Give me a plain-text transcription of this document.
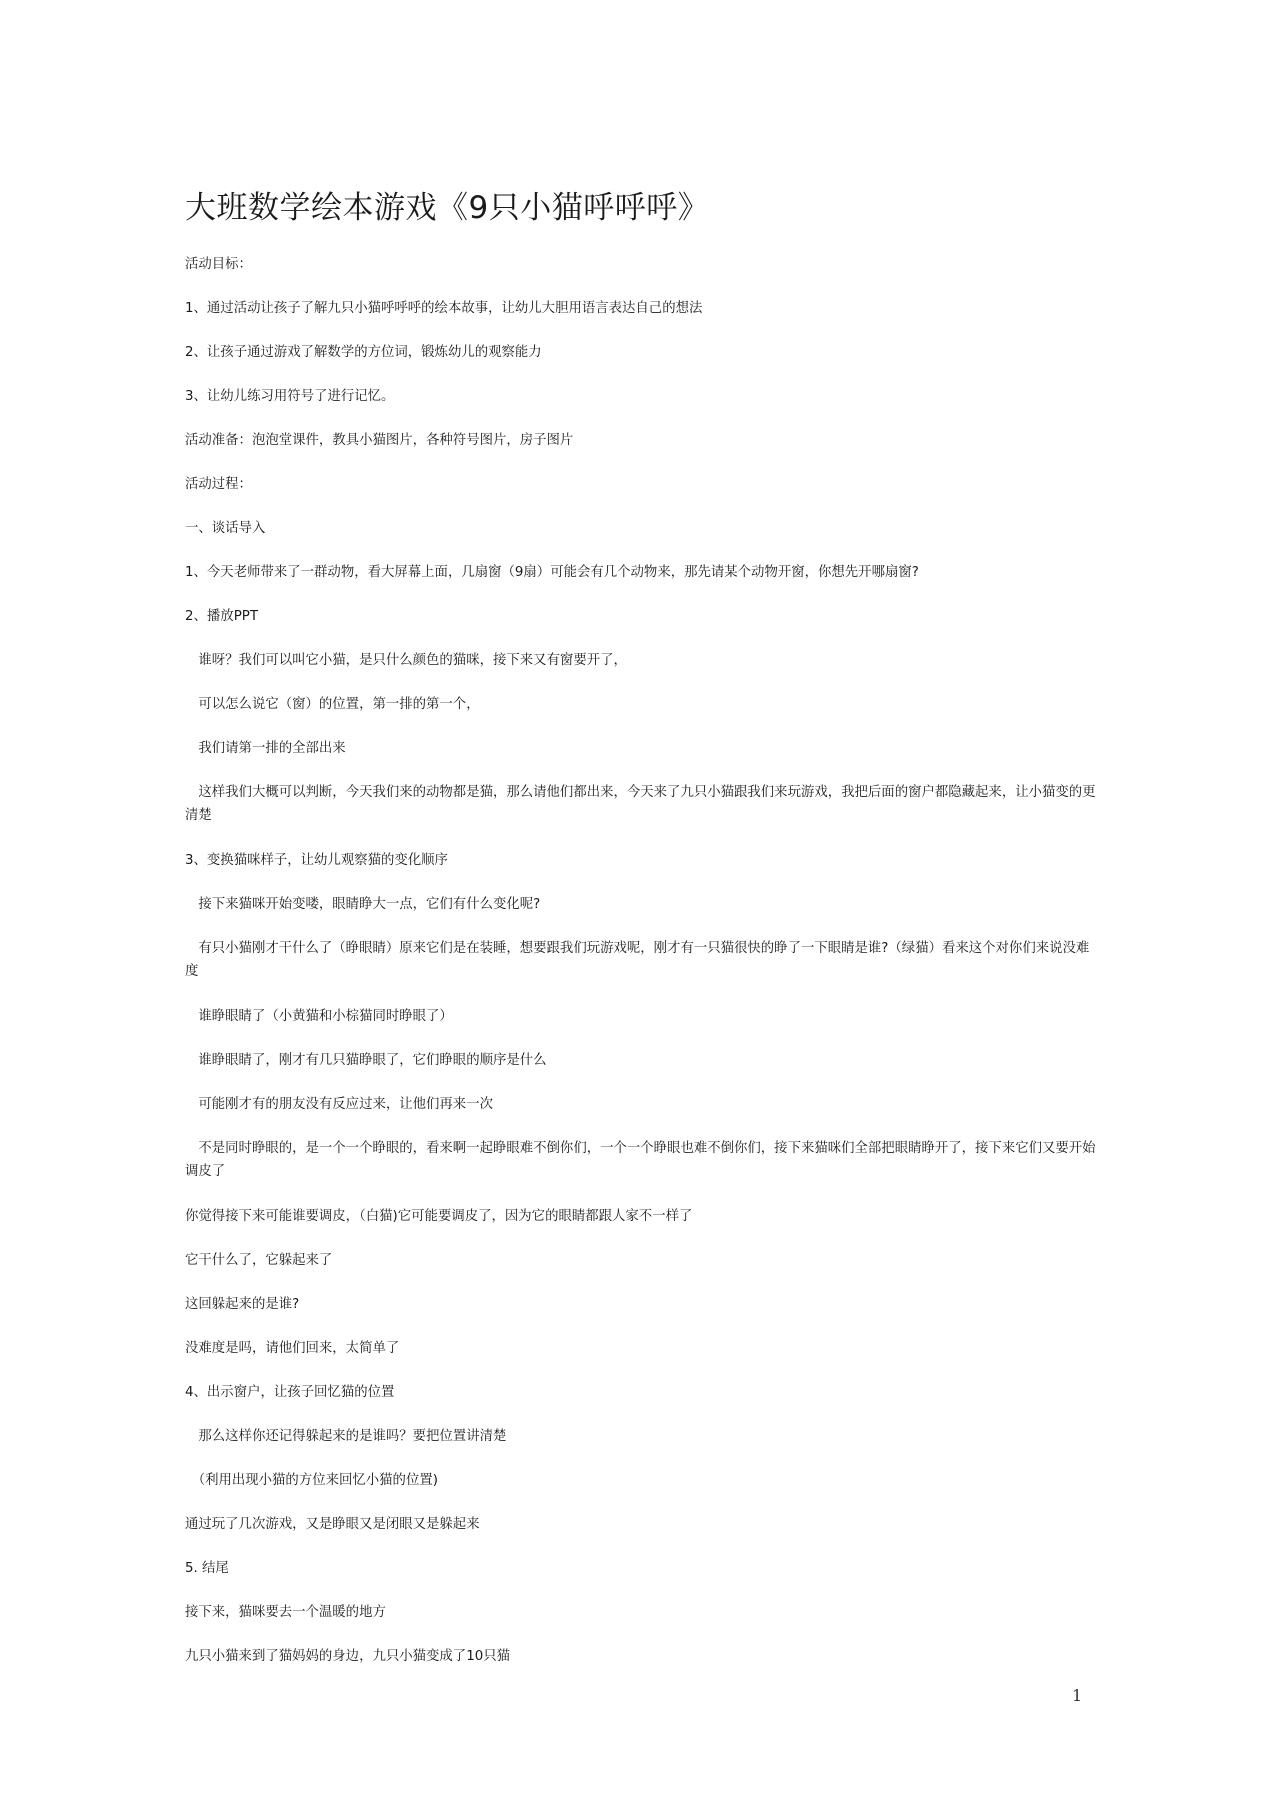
大班数学绘本游戏《9只小猫呼呼呼》

活动目标：

1、通过活动让孩子了解九只小猫呼呼呼的绘本故事，让幼儿大胆用语言表达自己的想法

2、让孩子通过游戏了解数学的方位词，锻炼幼儿的观察能力

3、让幼儿练习用符号了进行记忆。

活动准备：泡泡堂课件，教具小猫图片，各种符号图片，房子图片

活动过程：

一、谈话导入

1、今天老师带来了一群动物，看大屏幕上面，几扇窗（9扇）可能会有几个动物来，那先请某个动物开窗，你想先开哪扇窗?

2、播放PPT

　谁呀？我们可以叫它小猫，是只什么颜色的猫咪，接下来又有窗要开了，

　可以怎么说它（窗）的位置，第一排的第一个，

　我们请第一排的全部出来

　这样我们大概可以判断，今天我们来的动物都是猫，那么请他们都出来，今天来了九只小猫跟我们来玩游戏，我把后面的窗户都隐藏起来，让小猫变的更清楚

3、变换猫咪样子，让幼儿观察猫的变化顺序

　接下来猫咪开始变喽，眼睛睁大一点，它们有什么变化呢?

　有只小猫刚才干什么了（睁眼睛）原来它们是在装睡，想要跟我们玩游戏呢，刚才有一只猫很快的睁了一下眼睛是谁?（绿猫）看来这个对你们来说没难度

　谁睁眼睛了（小黄猫和小棕猫同时睁眼了）

　谁睁眼睛了，刚才有几只猫睁眼了，它们睁眼的顺序是什么

　可能刚才有的朋友没有反应过来，让他们再来一次

　不是同时睁眼的，是一个一个睁眼的，看来啊一起睁眼难不倒你们，一个一个睁眼也难不倒你们，接下来猫咪们全部把眼睛睁开了，接下来它们又要开始调皮了

你觉得接下来可能谁要调皮，（白猫)它可能要调皮了，因为它的眼睛都跟人家不一样了

它干什么了，它躲起来了

这回躲起来的是谁?

没难度是吗，请他们回来，太简单了

4、出示窗户，让孩子回忆猫的位置

　那么这样你还记得躲起来的是谁吗？要把位置讲清楚

　（利用出现小猫的方位来回忆小猫的位置)

通过玩了几次游戏，又是睁眼又是闭眼又是躲起来

5. 结尾

接下来，猫咪要去一个温暖的地方

九只小猫来到了猫妈妈的身边，九只小猫变成了10只猫

1
